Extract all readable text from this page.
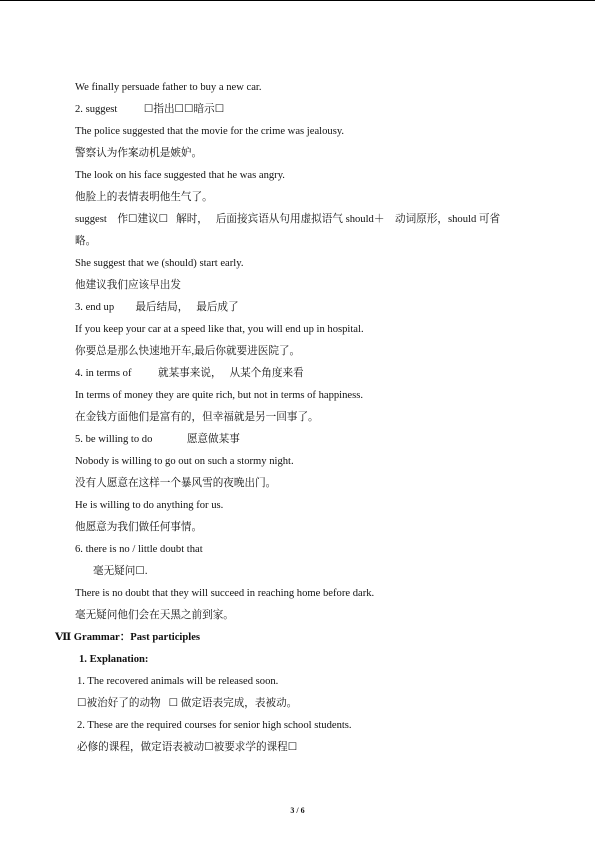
We finally persuade father to buy a new car.
2. suggest          ☐指出☐☐暗示☐
The police suggested that the movie for the crime was jealousy.
警察认为作案动机是嫉妒。
The look on his face suggested that he was angry.
他脸上的表情表明他生气了。
suggest    作☐建议☐   解时，   后面接宾语从句用虚拟语气 should＋    动词原形，should 可省
略。
She suggest that we (should) start early.
他建议我们应该早出发
3. end up        最后结局，   最后成了
If you keep your car at a speed like that, you will end up in hospital.
你要总是那么快速地开车,最后你就要进医院了。
4. in terms of          就某事来说，   从某个角度来看
In terms of money they are quite rich, but not in terms of happiness.
在金钱方面他们是富有的，但幸福就是另一回事了。
5. be willing to do             愿意做某事
Nobody is willing to go out on such a stormy night.
没有人愿意在这样一个暴风雪的夜晚出门。
He is willing to do anything for us.
他愿意为我们做任何事情。
6. there is no / little doubt that
毫无疑问☐.
There is no doubt that they will succeed in reaching home before dark.
毫无疑问他们会在天黑之前到家。
Ⅶ Grammar：Past participles
1. Explanation:
1. The recovered animals will be released soon.
☐被治好了的动物   ☐ 做定语表完成，表被动。
2. These are the required courses for senior high school students.
必修的课程，做定语表被动☐被要求学的课程☐
3 / 6
